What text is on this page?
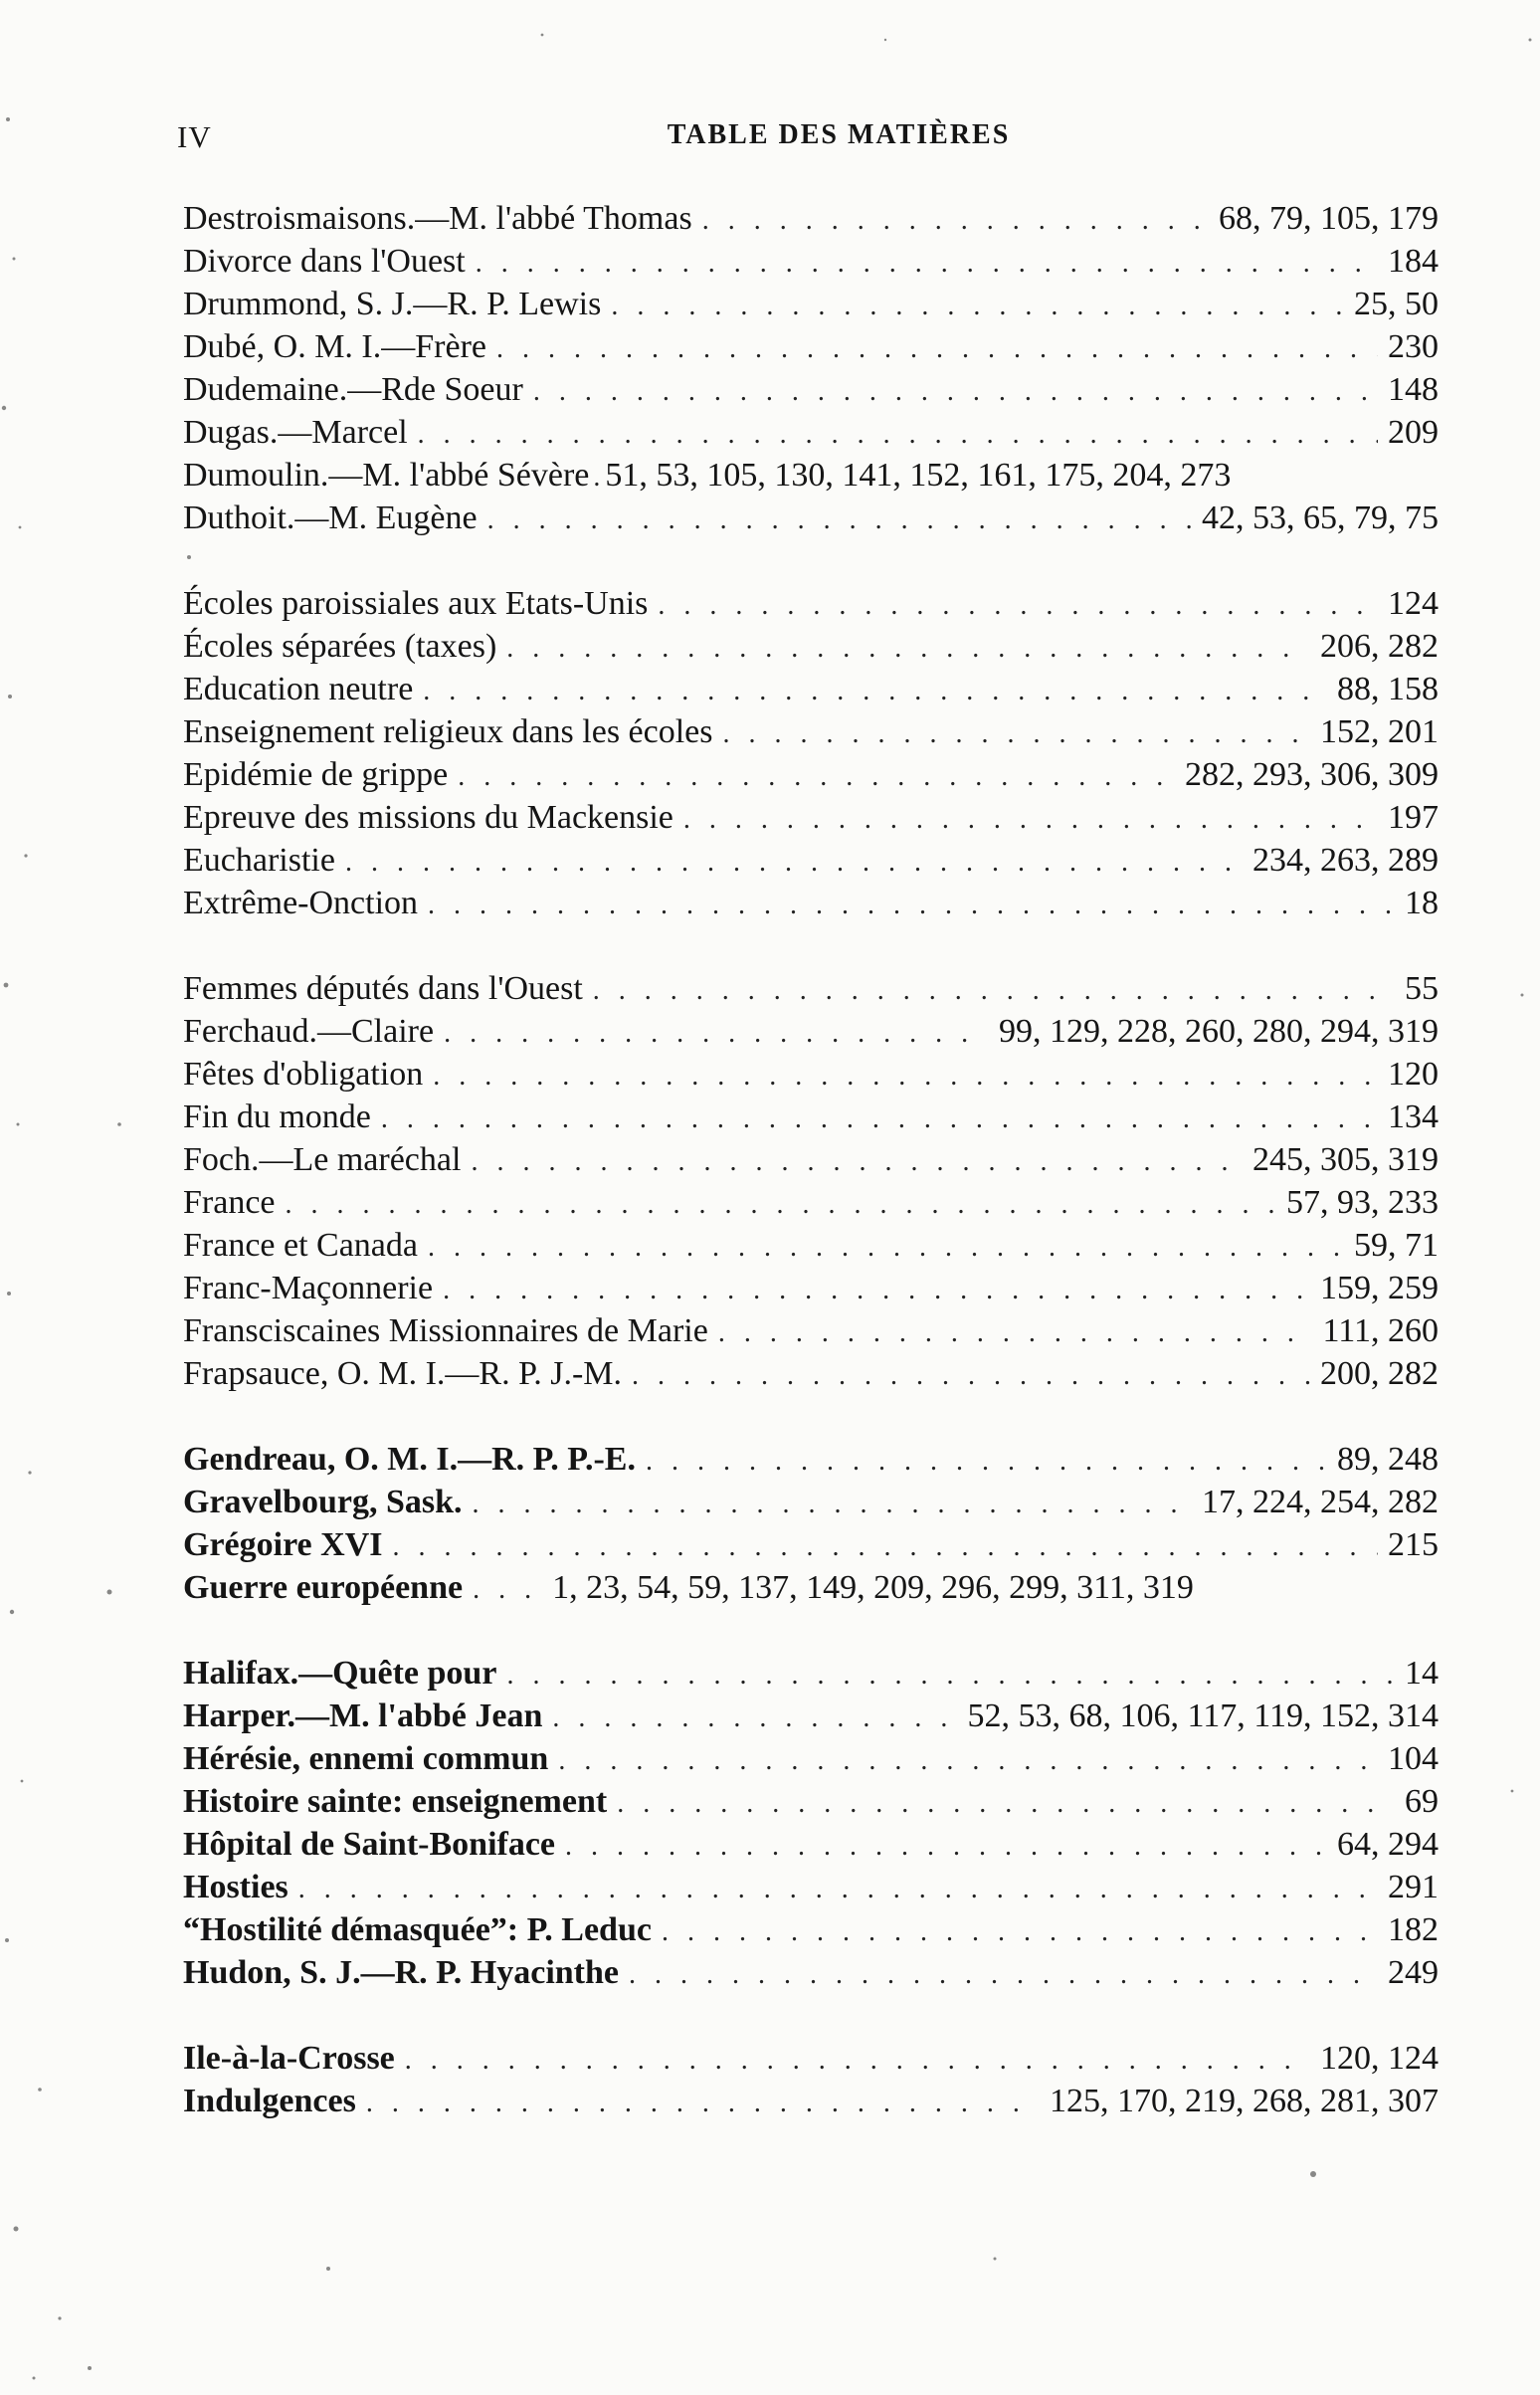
IV	TABLE DES MATIÈRES
Destroismaisons.—M. l'abbé Thomas . . .	68, 79, 105, 179
Divorce dans l'Ouest . . .	184
Drummond, S. J.—R. P. Lewis . . .	25, 50
Dubé, O. M. I.—Frère . . .	230
Dudemaine.—Rde Soeur . . .	148
Dugas.—Marcel . . .	209
Dumoulin.—M. l'abbé Sévère . . . 51, 53, 105, 130, 141, 152, 161, 175, 204, 273
Duthoit.—M. Eugène . . .	42, 53, 65, 79, 75
Écoles paroissiales aux Etats-Unis . . .	124
Écoles séparées (taxes) . . .	206, 282
Education neutre . . .	88, 158
Enseignement religieux dans les écoles . . .	152, 201
Epidémie de grippe . . .	282, 293, 306, 309
Epreuve des missions du Mackensie . . .	197
Eucharistie . . .	234, 263, 289
Extrême-Onction . . .	18
Femmes députés dans l'Ouest . . .	55
Ferchaud.—Claire . . .	99, 129, 228, 260, 280, 294, 319
Fêtes d'obligation . . .	120
Fin du monde . . .	134
Foch.—Le maréchal . . .	245, 305, 319
France . . .	57, 93, 233
France et Canada . . .	59, 71
Franc-Maçonnerie . . .	159, 259
Fransciscaines Missionnaires de Marie . . .	111, 260
Frapsauce, O. M. I.—R. P. J.-M. . . .	200, 282
Gendreau, O. M. I.—R. P. P.-E. . . .	89, 248
Gravelbourg, Sask. . . .	17, 224, 254, 282
Grégoire XVI . . .	215
Guerre européenne . . .	1, 23, 54, 59, 137, 149, 209, 296, 299, 311, 319
Halifax.—Quête pour . . .	14
Harper.—M. l'abbé Jean . . .	52, 53, 68, 106, 117, 119, 152, 314
Hérésie, ennemi commun . . .	104
Histoire sainte: enseignement . . .	69
Hôpital de Saint-Boniface . . .	64, 294
Hosties . . .	291
“Hostilité démasquée”: P. Leduc . . .	182
Hudon, S. J.—R. P. Hyacinthe . . .	249
Ile-à-la-Crosse . . .	120, 124
Indulgences . . .	125, 170, 219, 268, 281, 307
